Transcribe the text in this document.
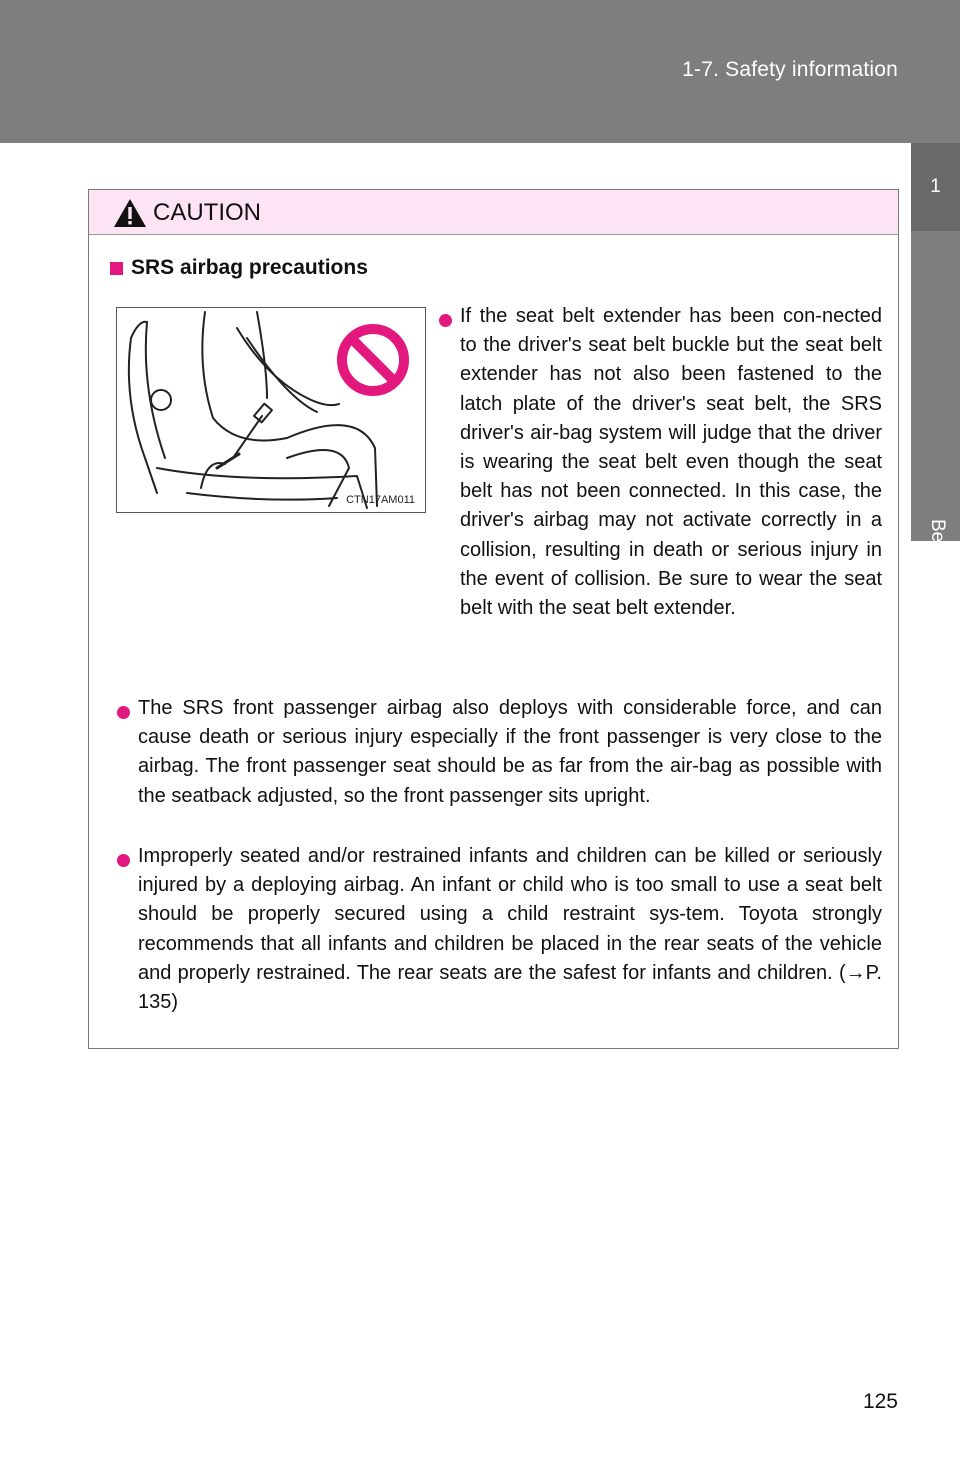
1-7. Safety information
1
Before driving
CAUTION
SRS airbag precautions
CTN17AM011
If the seat belt extender has been con-nected to the driver's seat belt buckle but the seat belt extender has not also been fastened to the latch plate of the driver's seat belt, the SRS driver's air-bag system will judge that the driver is wearing the seat belt even though the seat belt has not been connected. In this case, the driver's airbag may not activate correctly in a collision, resulting in death or serious injury in the event of collision. Be sure to wear the seat belt with the seat belt extender.
The SRS front passenger airbag also deploys with considerable force, and can cause death or serious injury especially if the front passenger is very close to the airbag. The front passenger seat should be as far from the air-bag as possible with the seatback adjusted, so the front passenger sits upright.
Improperly seated and/or restrained infants and children can be killed or seriously injured by a deploying airbag. An infant or child who is too small to use a seat belt should be properly secured using a child restraint sys-tem. Toyota strongly recommends that all infants and children be placed in the rear seats of the vehicle and properly restrained. The rear seats are the safest for infants and children. (→P. 135)
125
